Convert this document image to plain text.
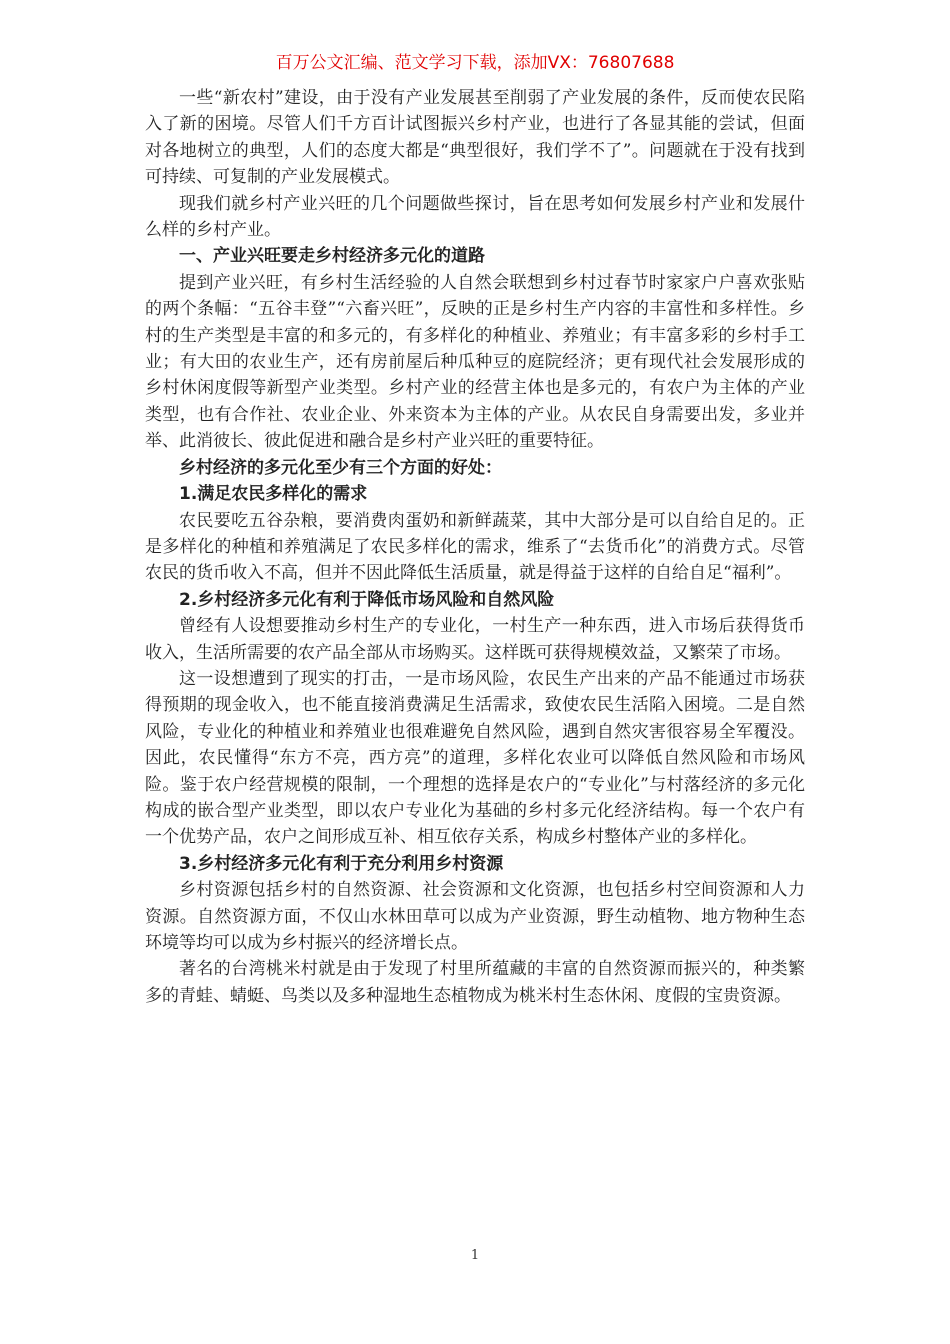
百万公文汇编、范文学习下载，添加VX：76807688

一些“新农村”建设，由于没有产业发展甚至削弱了产业发展的条件，反而使农民陷入了新的困境。尽管人们千方百计试图振兴乡村产业，也进行了各显其能的尝试，但面对各地树立的典型，人们的态度大都是“典型很好，我们学不了”。问题就在于没有找到可持续、可复制的产业发展模式。

现我们就乡村产业兴旺的几个问题做些探讨，旨在思考如何发展乡村产业和发展什么样的乡村产业。

一、产业兴旺要走乡村经济多元化的道路

提到产业兴旺，有乡村生活经验的人自然会联想到乡村过春节时家家户户喜欢张贴的两个条幅：“五谷丰登”“六畜兴旺”，反映的正是乡村生产内容的丰富性和多样性。乡村的生产类型是丰富的和多元的，有多样化的种植业、养殖业；有丰富多彩的乡村手工业；有大田的农业生产，还有房前屋后种瓜种豆的庭院经济；更有现代社会发展形成的乡村休闲度假等新型产业类型。乡村产业的经营主体也是多元的，有农户为主体的产业类型，也有合作社、农业企业、外来资本为主体的产业。从农民自身需要出发，多业并举、此消彼长、彼此促进和融合是乡村产业兴旺的重要特征。

乡村经济的多元化至少有三个方面的好处：

1.满足农民多样化的需求

农民要吃五谷杂粮，要消费肉蛋奶和新鲜蔬菜，其中大部分是可以自给自足的。正是多样化的种植和养殖满足了农民多样化的需求，维系了“去货币化”的消费方式。尽管农民的货币收入不高，但并不因此降低生活质量，就是得益于这样的自给自足“福利”。

2.乡村经济多元化有利于降低市场风险和自然风险

曾经有人设想要推动乡村生产的专业化，一村生产一种东西，进入市场后获得货币收入，生活所需要的农产品全部从市场购买。这样既可获得规模效益，又繁荣了市场。

这一设想遭到了现实的打击，一是市场风险，农民生产出来的产品不能通过市场获得预期的现金收入，也不能直接消费满足生活需求，致使农民生活陷入困境。二是自然风险，专业化的种植业和养殖业也很难避免自然风险，遇到自然灾害很容易全军覆没。因此，农民懂得“东方不亮，西方亮”的道理，多样化农业可以降低自然风险和市场风险。鉴于农户经营规模的限制，一个理想的选择是农户的“专业化”与村落经济的多元化构成的嵌合型产业类型，即以农户专业化为基础的乡村多元化经济结构。每一个农户有一个优势产品，农户之间形成互补、相互依存关系，构成乡村整体产业的多样化。

3.乡村经济多元化有利于充分利用乡村资源

乡村资源包括乡村的自然资源、社会资源和文化资源，也包括乡村空间资源和人力资源。自然资源方面，不仅山水林田草可以成为产业资源，野生动植物、地方物种生态环境等均可以成为乡村振兴的经济增长点。

著名的台湾桃米村就是由于发现了村里所蕴藏的丰富的自然资源而振兴的，种类繁多的青蛙、蜻蜓、鸟类以及多种湿地生态植物成为桃米村生态休闲、度假的宝贵资源。

1
